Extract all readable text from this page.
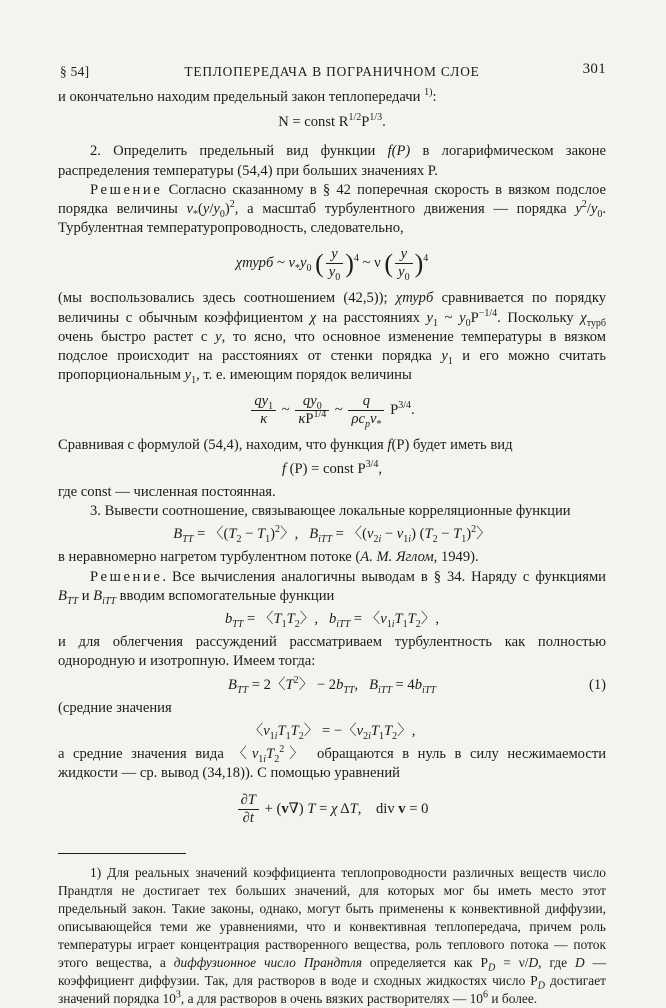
§ 54]	ТЕПЛОПЕРЕДАЧА В ПОГРАНИЧНОМ СЛОЕ	301

и окончательно находим предельный закон теплопередачи $^{1)}$:

N = const $R^{1/2}P^{1/3}$.

2. Определить предельный вид функции f(P) в логарифмическом законе распределения температуры (54,4) при больших значениях P.

Решение Согласно сказанному в § 42 поперечная скорость в вязком подслое порядка величины $v_*(y/y_0)^2$, а масштаб турбулентного движения — порядка $y^2/y_0$. Турбулентная температуропроводность, следовательно,

χтурб ~ $v_*y_0$ ( $\frac{y}{y_0} )^4$ ~ ν ( $\frac{y}{y_0} )^4$

(мы воспользовались здесь соотношением (42,5)); χтурб сравнивается по порядку величины с обычным коэффициентом χ на расстояниях $y_1$ ~ $y_0P^{-1/4}$. Поскольку $\chi_{турб}$ очень быстро растет с y, то ясно, что основное изменение температуры в вязком подслое происходит на расстояниях от стенки порядка $y_1$ и его можно считать пропорциональным $y_1$, т. е. имеющим порядок величины

$\frac{qy_1}{\kappa}$ ~ $\frac{qy_0}{\kappa P^{1/4}}$ ~ $\frac{q}{\rho c_pv_*} P^{3/4}$.

Сравнивая с формулой (54,4), находим, что функция f(P) будет иметь вид

f (P) = const $P^{3/4}$,

где const — численная постоянная.

3. Вывести соотношение, связывающее локальные корреляционные функции

$B_{TT}$ = 〈$(T_2 - T_1)^2$〉,   $B_{iTT}$ = 〈$(v_{2i} - v_{1i}) (T_2 - T_1)^2$〉

в неравномерно нагретом турбулентном потоке (А. М. Яглом, 1949).

Решение. Все вычисления аналогичны выводам в § 34. Наряду с функциями $B_{TT}$ и $B_{iTT}$ вводим вспомогательные функции

$b_{TT}$ = 〈$T_1T_2$〉,   $b_{iTT}$ = 〈$v_{1i}T_1T_2$〉,

и для облегчения рассуждений рассматриваем турбулентность как полностью однородную и изотропную. Имеем тогда:

$B_{TT} = 2$〈$T^2$〉 − $2b_{TT}$,   $B_{iTT} = 4b_{iTT}$	(1)

(средние значения

〈$v_{1i}T_1T_2$〉 = −〈$v_{2i}T_1T_2$〉,

а средние значения вида 〈$v_{1i}T_2^2$〉 обращаются в нуль в силу несжимаемости жидкости — ср. вывод (34,18)). С помощью уравнений

$\frac{\partial T}{\partial t} + (v\nabla) T = \chi$ ΔT,    div v = 0

1) Для реальных значений коэффициента теплопроводности различных веществ число Прандтля не достигает тех больших значений, для которых мог бы иметь место этот предельный закон. Такие законы, однако, могут быть применены к конвективной диффузии, описывающейся теми же уравнениями, что и конвективная теплопередача, причем роль температуры играет концентрация растворенного вещества, роль теплового потока — поток этого вещества, а диффузионное число Прандтля определяется как $P_D = \nu/D$, где D — коэффициент диффузии. Так, для растворов в воде и сходных жидкостях число $P_D$ достигает значений порядка $10^3$, а для растворов в очень вязких растворителях — $10^6$ и более.
